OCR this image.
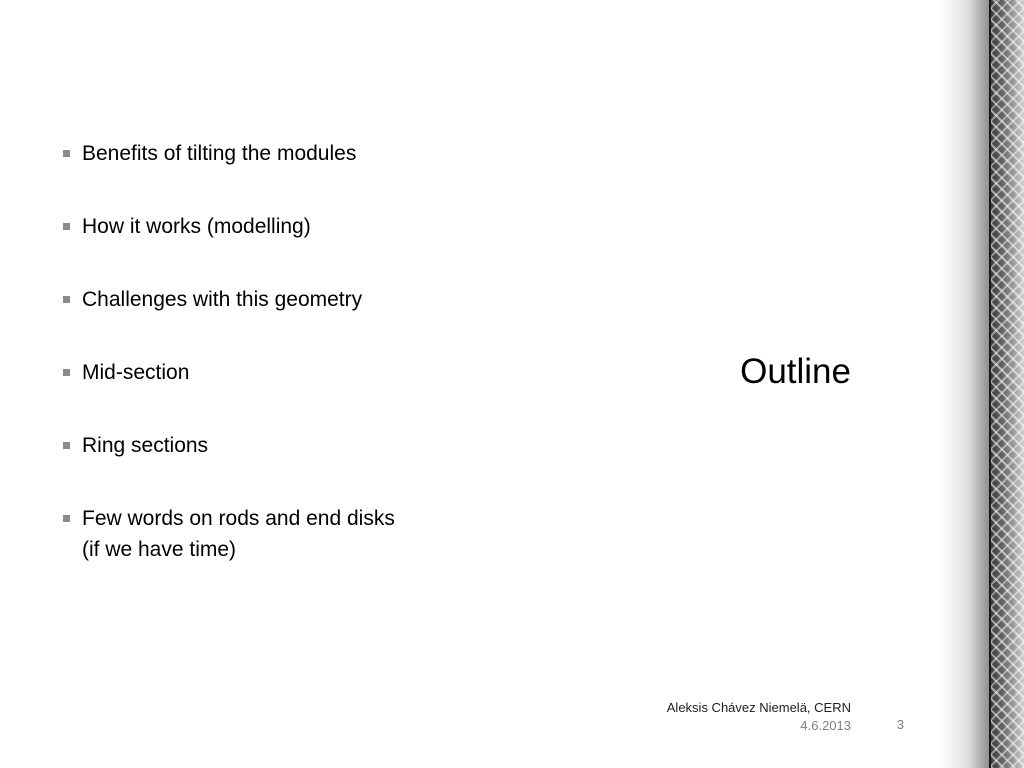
Benefits of tilting the modules
How it works (modelling)
Challenges with this geometry
Mid-section
Ring sections
Few words on rods and end disks
(if we have time)
Outline
Aleksis Chávez Niemelä, CERN
4.6.2013	3
